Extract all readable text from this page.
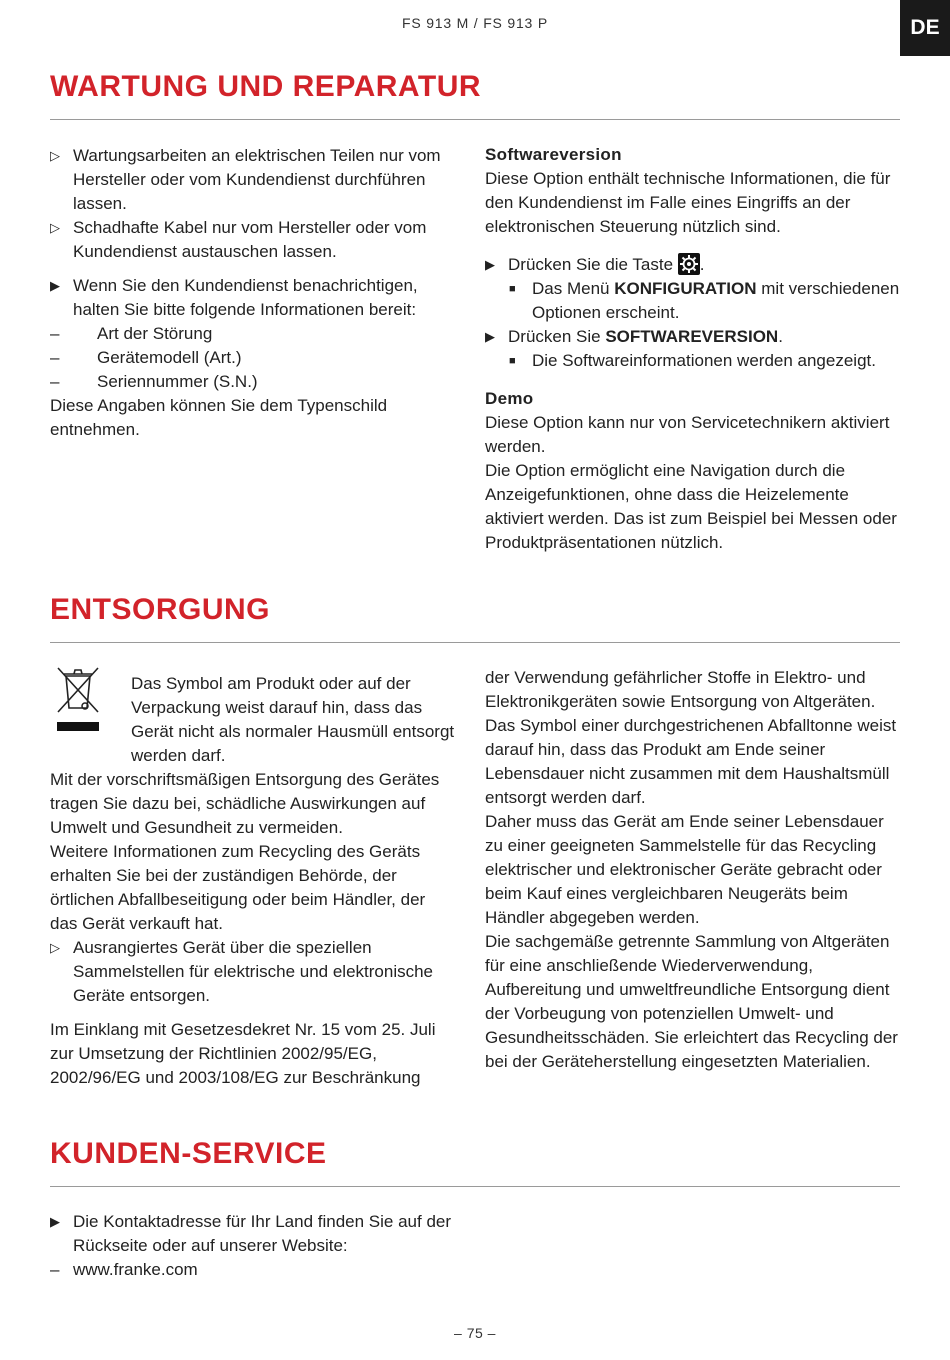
FS 913 M / FS 913 P	DE
WARTUNG UND REPARATUR
▷ Wartungsarbeiten an elektrischen Teilen nur vom Hersteller oder vom Kundendienst durchführen lassen.

▷ Schadhafte Kabel nur vom Hersteller oder vom Kundendienst austauschen lassen.

▶ Wenn Sie den Kundendienst benachrichtigen, halten Sie bitte folgende Informationen bereit:

– Art der Störung

– Gerätemodell (Art.)

– Seriennummer (S.N.)

Diese Angaben können Sie dem Typenschild entnehmen.

Softwareversion

Diese Option enthält technische Informationen, die für den Kundendienst im Falle eines Eingriffs an der elektronischen Steuerung nützlich sind.

▶ Drücken Sie die Taste .

■ Das Menü KONFIGURATION mit verschiedenen Optionen erscheint.

▶ Drücken Sie SOFTWAREVERSION.

■ Die Softwareinformationen werden angezeigt.

Demo

Diese Option kann nur von Servicetechnikern aktiviert werden.

Die Option ermöglicht eine Navigation durch die Anzeigefunktionen, ohne dass die Heizelemente aktiviert werden. Das ist zum Beispiel bei Messen oder Produktpräsentationen nützlich.

ENTSORGUNG

Das Symbol am Produkt oder auf der Verpackung weist darauf hin, dass das Gerät nicht als normaler Hausmüll entsorgt werden darf.

Mit der vorschriftsmäßigen Entsorgung des Gerätes tragen Sie dazu bei, schädliche Auswirkungen auf Umwelt und Gesundheit zu vermeiden.

Weitere Informationen zum Recycling des Geräts erhalten Sie bei der zuständigen Behörde, der örtlichen Abfallbeseitigung oder beim Händler, der das Gerät verkauft hat.

▷ Ausrangiertes Gerät über die speziellen Sammelstellen für elektrische und elektronische Geräte entsorgen.

Im Einklang mit Gesetzesdekret Nr. 15 vom 25. Juli zur Umsetzung der Richtlinien 2002/95/EG, 2002/96/EG und 2003/108/EG zur Beschränkung

der Verwendung gefährlicher Stoffe in Elektro- und Elektronikgeräten sowie Entsorgung von Altgeräten.

Das Symbol einer durchgestrichenen Abfalltonne weist darauf hin, dass das Produkt am Ende seiner Lebensdauer nicht zusammen mit dem Haushaltsmüll entsorgt werden darf.

Daher muss das Gerät am Ende seiner Lebensdauer zu einer geeigneten Sammelstelle für das Recycling elektrischer und elektronischer Geräte gebracht oder beim Kauf eines vergleichbaren Neugeräts beim Händler abgegeben werden.

Die sachgemäße getrennte Sammlung von Altgeräten für eine anschließende Wiederverwendung, Aufbereitung und umweltfreundliche Entsorgung dient der Vorbeugung von potenziellen Umwelt- und Gesundheitsschäden. Sie erleichtert das Recycling der bei der Geräteherstellung eingesetzten Materialien.

KUNDEN-SERVICE
▶ Die Kontaktadresse für Ihr Land finden Sie auf der Rückseite oder auf unserer Website:

– www.franke.com

– 75 –
